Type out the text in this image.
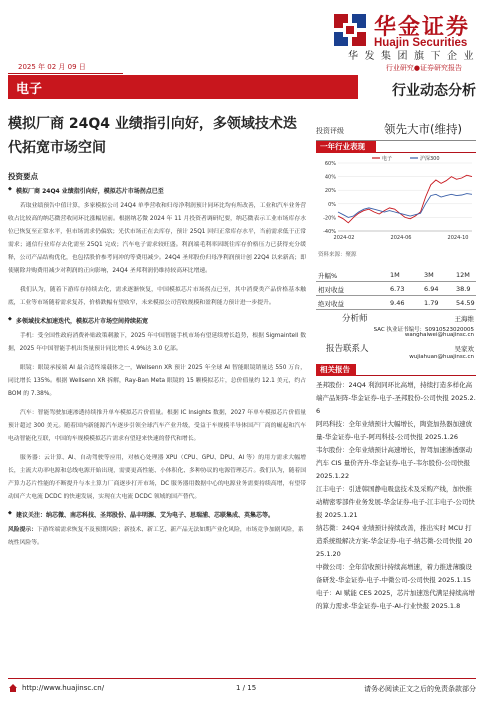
华金证券
Huajin Securities
华发集团旗下企业
2025 年 02 月 09 日	行业研究●证券研究报告
电子	行业动态分析
模拟厂商 24Q4 业绩指引向好，多领域技术迭代拓宽市场空间
投资评级	领先大市(维持)
一年行业表现
60%
40%
20%
0%
-20%
-40%
2024-02	2024-06	2024-10
电子	沪深300
资料来源：聚源
升幅%	1M	3M	12M
相对收益	6.73	6.94	38.9
绝对收益	9.46	1.79	54.59
分析师	王海维
SAC 执业证书编号：S0910523020005
wanghaiwei@huajinsc.cn
报告联系人	吴家欢
wujiahuan@huajinsc.cn
相关报告
圣邦股份：24Q4 利润同环比高增，持续打造多样化高端产品矩阵-华金证券-电子-圣邦股份-公司快报 2025.2.6
阿玛科技：全年业绩预计大幅增长，陶瓷加热器加速放量-华金证券-电子-阿玛科技-公司快报 2025.1.26
韦尔股份：全年业绩预计高速增长，智驾加速渗透驱动汽车 CIS 量价齐升-华金证券-电子-韦尔股份-公司快报 2025.1.22
江丰电子：引进韩国静电吸盘技术及采购产线，加快推动精密零部件业务发展-华金证券-电子-江丰电子-公司快报 2025.1.21
纳芯微：24Q4 业绩预计持续改善，推出实时 MCU 打造系统级解决方案-华金证券-电子-纳芯微-公司快报 2025.1.20
中微公司：全年营收预计持续高增速，着力推进薄膜设备研发-华金证券-电子-中微公司-公司快报 2025.1.15
电子：AI 赋能 CES 2025，芯片加速迭代满足持续高增的算力需求-华金证券-电子-AI-行业快报 2025.1.8
投资要点
◆ 模拟厂商 24Q4 业绩指引向好，模拟芯片市场拐点已至

若取业绩预告中值计算，多家模拟公司 24Q4 单季营收和归母净利润预计同环比均有所改善，工业和汽车业务营收占比较高的纳芯微营收同环比涨幅居前。根据纳芯微 2024 年 11 月投资者调研纪要，纳芯微表示工业市场库存水位已恢复至正常水平，但市场需求仍偏软；光伏市场正在去库存，预计 25Q1 回归正常库存水平，当前需求低于正常需求；通信行业库存去化需至 25Q1 完成；汽车电子需求较旺盛。利润端毛利率因既往库存价格压力已获得充分缓释，公司产品结构优化，也包括股价参考同冲的等费用减少。24Q4 圣邦股份归母净利润预计创 22Q4 以来新高；即使剔除并购费用减少对利润的正向影响，24Q4 圣邦利润仍维持较高环比增速。

我们认为，随着下游库存持续去化，需求逐渐恢复，中国模拟芯片市场拐点已至，其中消费类产品价格基本触底，工业等市场随着需求复苏，价格跌幅有望收窄，未来模拟公司营收规模和盈利能力预计进一步提升。

◆ 多领域技术加速迭代，模拟芯片市场空间持续拓宽

手机：受全国性政府消费补贴政策刺激下，2025 年中国智能手机市场有望延续增长趋势，根据 Sigmaintell 数据，2025 年中国智能手机出货量预计同比增长 4.9%达 3.0 亿部。

眼镜：眼镜承接端 AI 最合适终端载体之一，Wellsenn XR 预计 2025 年全球 AI 智能眼镜销量达 550 万台，同比增长 135%。根据 Wellsenn XR 拆解，Ray-Ban Meta 眼镜的 15 颗模拟芯片，总价值量约 12.1 美元，约占 BOM 的 7.38%。

汽车：智能驾驶加速渗透持续推升单车模拟芯片价值量。根据 IC Insights 数据，2027 年单车模拟芯片价值量预计超过 300 美元。随着国内新能源汽车逐步引领全球汽车产业升级，受益于车规模半导体国产厂商的崛起和汽车电动智能化互联，中国的车规模模拟芯片需求有望迎来快速的替代和增长。

服务器：云计算、AI、自动驾驶等应用，对核心处理器 XPU（CPU、GPU、DPU、AI 等）的用力需求大幅增长，主流大功率电源和总线电源开始出现，需要更高性能、小体积化、多种协议的电源管理芯片。我们认为，随着国产算力芯片性能的不断提升与本土算力厂商逐步打开市场，DC 服务器用数据中心的电源业务需要持续高增，有望带动国产大电流 DCDC 的快速发展，实现在大电流 DCDC 领域的国产替代。

◆ 建议关注：纳芯微、南芯科技、圣邦股份、晶丰明源、艾为电子、思瑞浦、芯联集成、英集芯等。
风险提示：下游终端需求恢复不及预期风险；新技术、新工艺、新产品无法如期产业化风险，市场竞争加剧风险，系统性风险等。
http://www.huajinsc.cn/	1 / 15	请务必阅读正文之后的免责条款部分
